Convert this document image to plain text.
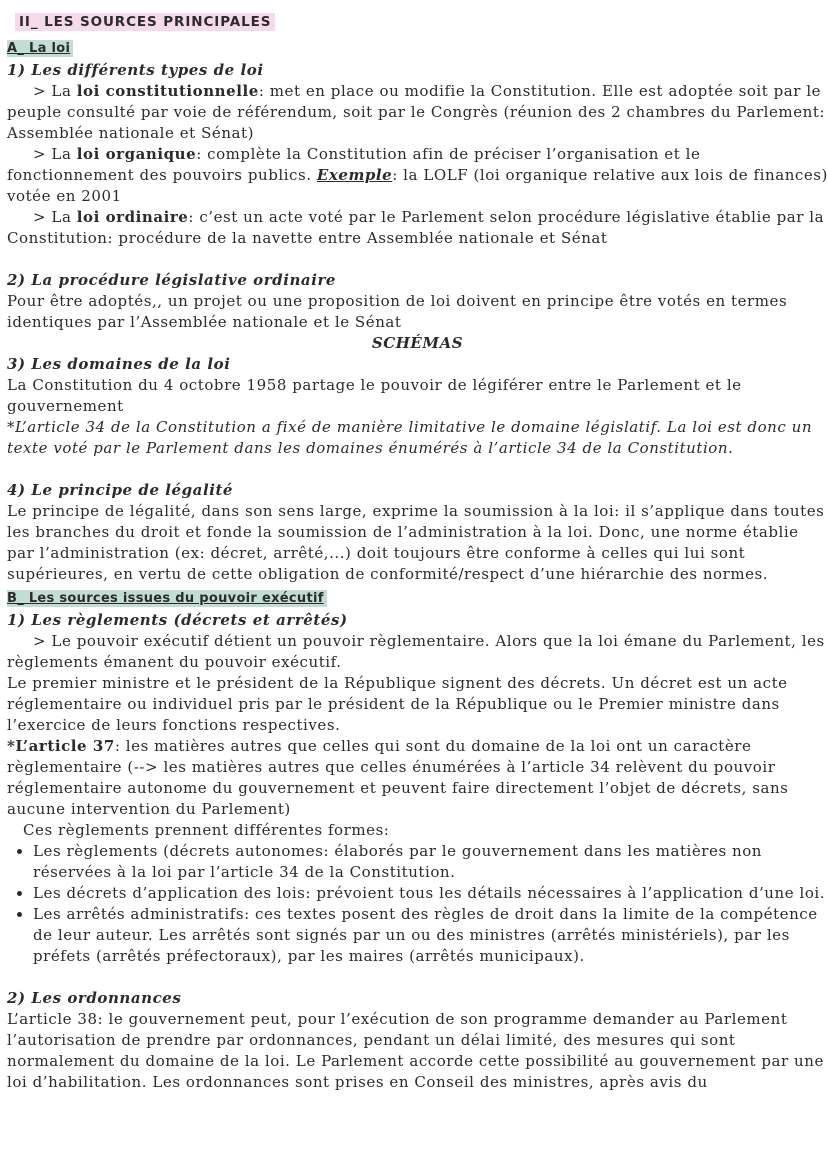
II_ LES SOURCES PRINCIPALES
A_ La loi
1) Les différents types de loi

> La loi constitutionnelle: met en place ou modifie la Constitution. Elle est adoptée soit par le peuple consulté par voie de référendum, soit par le Congrès (réunion des 2 chambres du Parlement: Assemblée nationale et Sénat)

> La loi organique: complète la Constitution afin de préciser l’organisation et le fonctionnement des pouvoirs publics. Exemple: la LOLF (loi organique relative aux lois de finances) votée en 2001

> La loi ordinaire: c’est un acte voté par le Parlement selon procédure législative établie par la Constitution: procédure de la navette entre Assemblée nationale et Sénat

2) La procédure législative ordinaire

Pour être adoptés,, un projet ou une proposition de loi doivent en principe être votés en termes identiques par l’Assemblée nationale et le Sénat

SCHÉMAS
3) Les domaines de la loi

La Constitution du 4 octobre 1958 partage le pouvoir de légiférer entre le Parlement et le gouvernement

*L’article 34 de la Constitution a fixé de manière limitative le domaine législatif. La loi est donc un texte voté par le Parlement dans les domaines énumérés à l’article 34 de la Constitution.

4) Le principe de légalité

Le principe de légalité, dans son sens large, exprime la soumission à la loi: il s’applique dans toutes les branches du droit et fonde la soumission de l’administration à la loi. Donc, une norme établie par l’administration (ex: décret, arrêté,...) doit toujours être conforme à celles qui lui sont supérieures, en vertu de cette obligation de conformité/respect d’une hiérarchie des normes.

B_ Les sources issues du pouvoir exécutif
1) Les règlements (décrets et arrêtés)

> Le pouvoir exécutif détient un pouvoir règlementaire. Alors que la loi émane du Parlement, les règlements émanent du pouvoir exécutif.

Le premier ministre et le président de la République signent des décrets. Un décret est un acte réglementaire ou individuel pris par le président de la République ou le Premier ministre dans l’exercice de leurs fonctions respectives.

*L’article 37: les matières autres que celles qui sont du domaine de la loi ont un caractère règlementaire (--> les matières autres que celles énumérées à l’article 34 relèvent du pouvoir réglementaire autonome du gouvernement et peuvent faire directement l’objet de décrets, sans aucune intervention du Parlement)

Ces règlements prennent différentes formes:

• Les règlements (décrets autonomes: élaborés par le gouvernement dans les matières non réservées à la loi par l’article 34 de la Constitution.
• Les décrets d’application des lois: prévoient tous les détails nécessaires à l’application d’une loi.
• Les arrêtés administratifs: ces textes posent des règles de droit dans la limite de la compétence de leur auteur. Les arrêtés sont signés par un ou des ministres (arrêtés ministériels), par les préfets (arrêtés préfectoraux), par les maires (arrêtés municipaux).
2) Les ordonnances

L’article 38: le gouvernement peut, pour l’exécution de son programme demander au Parlement l’autorisation de prendre par ordonnances, pendant un délai limité, des mesures qui sont normalement du domaine de la loi. Le Parlement accorde cette possibilité au gouvernement par une loi d’habilitation. Les ordonnances sont prises en Conseil des ministres, après avis du
